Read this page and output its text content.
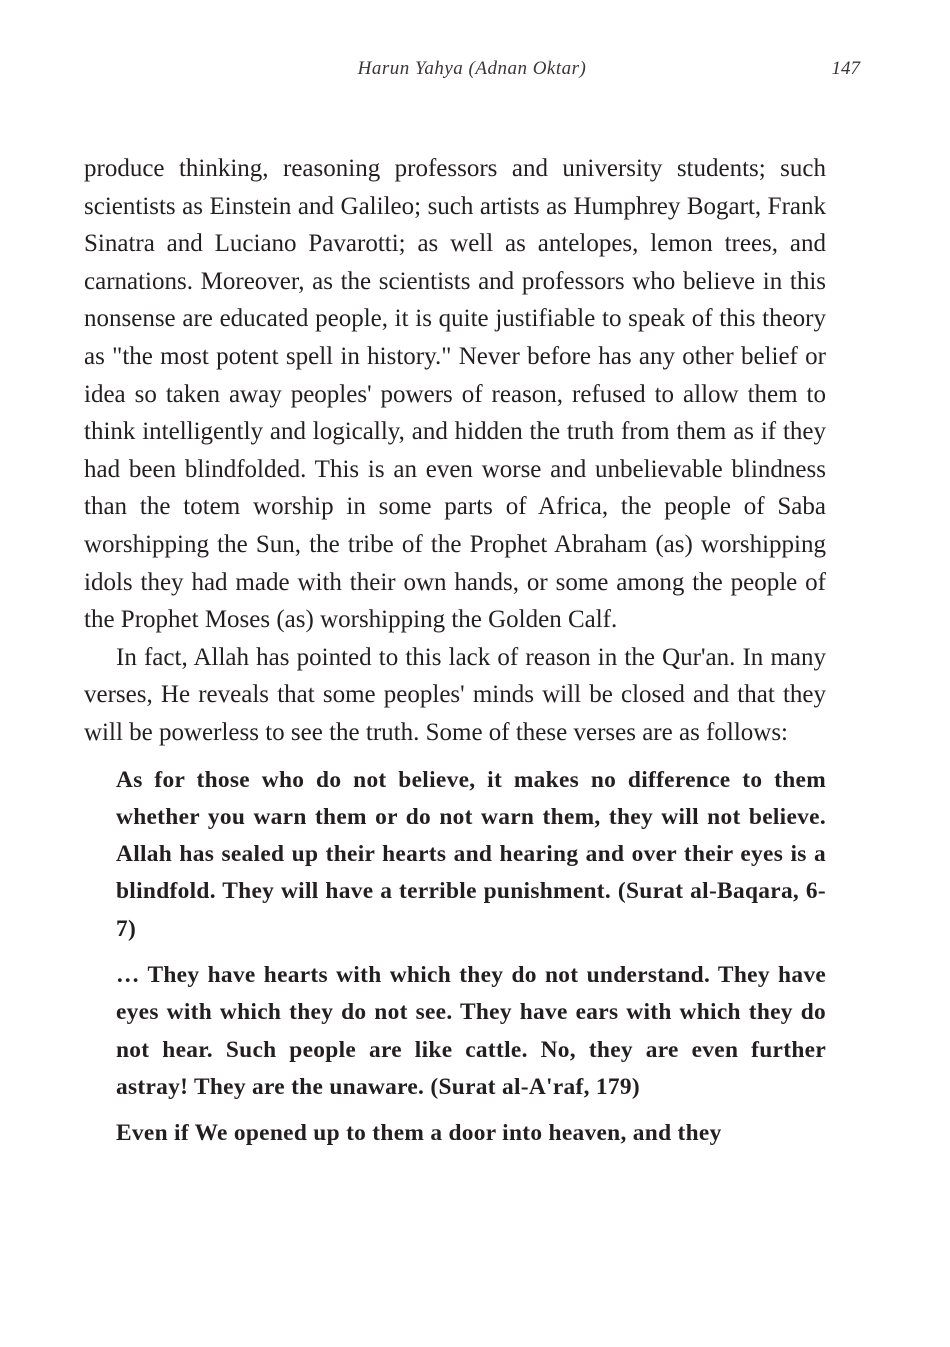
Harun Yahya (Adnan Oktar)	147

produce thinking, reasoning professors and university students; such scientists as Einstein and Galileo; such artists as Humphrey Bogart, Frank Sinatra and Luciano Pavarotti; as well as antelopes, lemon trees, and carnations. Moreover, as the scientists and professors who believe in this nonsense are educated people, it is quite justifiable to speak of this theory as "the most potent spell in history." Never before has any other belief or idea so taken away peoples' powers of reason, refused to allow them to think intelligently and logically, and hidden the truth from them as if they had been blindfolded. This is an even worse and unbelievable blindness than the totem worship in some parts of Africa, the people of Saba worshipping the Sun, the tribe of the Prophet Abraham (as) worshipping idols they had made with their own hands, or some among the people of the Prophet Moses (as) worshipping the Golden Calf.

In fact, Allah has pointed to this lack of reason in the Qur'an. In many verses, He reveals that some peoples' minds will be closed and that they will be powerless to see the truth. Some of these verses are as follows:

As for those who do not believe, it makes no difference to them whether you warn them or do not warn them, they will not believe. Allah has sealed up their hearts and hearing and over their eyes is a blindfold. They will have a terrible punishment. (Surat al-Baqara, 6-7)

… They have hearts with which they do not understand. They have eyes with which they do not see. They have ears with which they do not hear. Such people are like cattle. No, they are even further astray! They are the unaware. (Surat al-A'raf, 179)

Even if We opened up to them a door into heaven, and they
